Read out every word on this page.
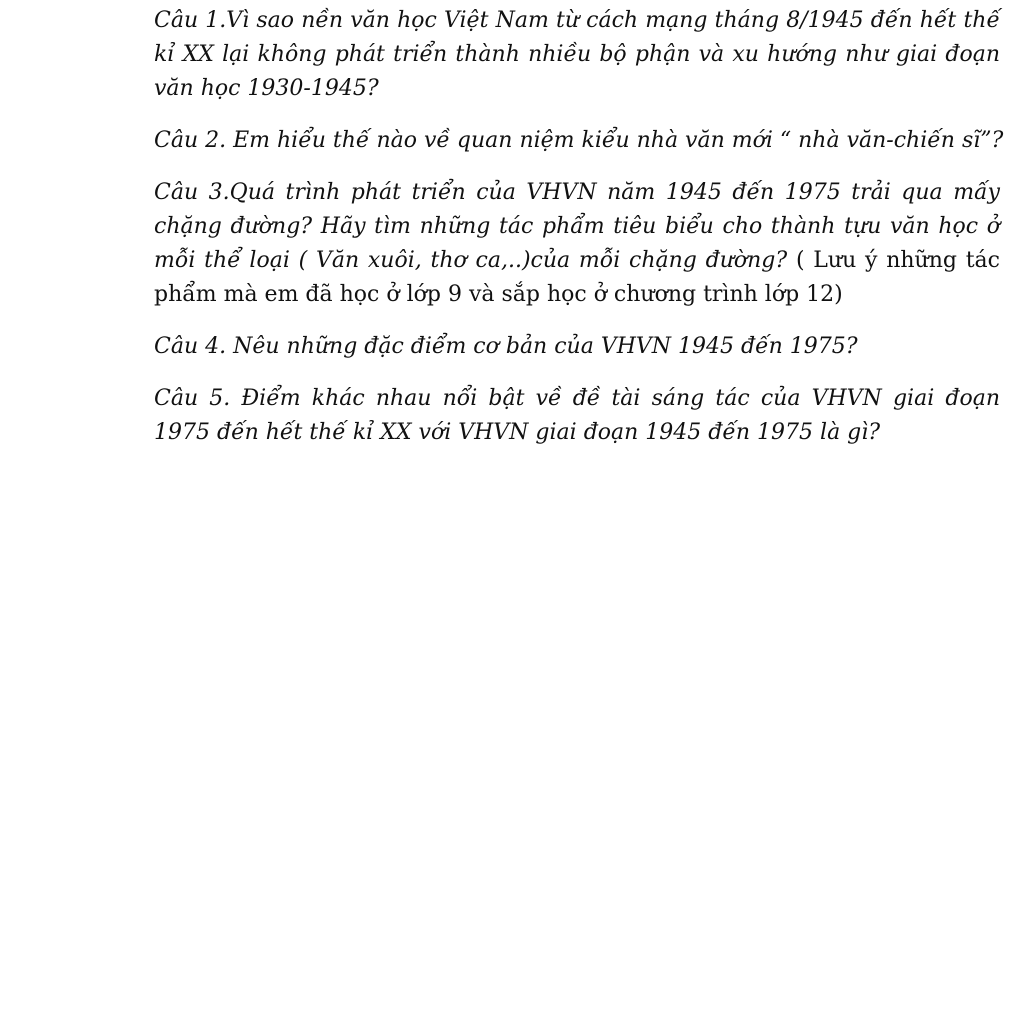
Câu 1.Vì sao nền văn học Việt Nam từ cách mạng tháng 8/1945 đến hết thế kỉ XX lại không phát triển thành nhiều bộ phận và xu hướng như giai đoạn văn học 1930-1945?

Câu 2. Em hiểu thế nào về quan niệm kiểu nhà văn mới “ nhà văn-chiến sĩ”?

Câu 3.Quá trình phát triển của VHVN năm 1945 đến 1975 trải qua mấy chặng đường? Hãy tìm những tác phẩm tiêu biểu cho thành tựu văn học ở mỗi thể loại ( Văn xuôi, thơ ca,..)của mỗi chặng đường? ( Lưu ý những tác phẩm mà em đã học ở lớp 9 và sắp học ở chương trình lớp 12)

Câu 4. Nêu những đặc điểm cơ bản của VHVN 1945 đến 1975?

Câu 5. Điểm khác nhau nổi bật về đề tài sáng tác của VHVN giai đoạn 1975 đến hết thế kỉ XX với VHVN giai đoạn 1945 đến 1975 là gì?
